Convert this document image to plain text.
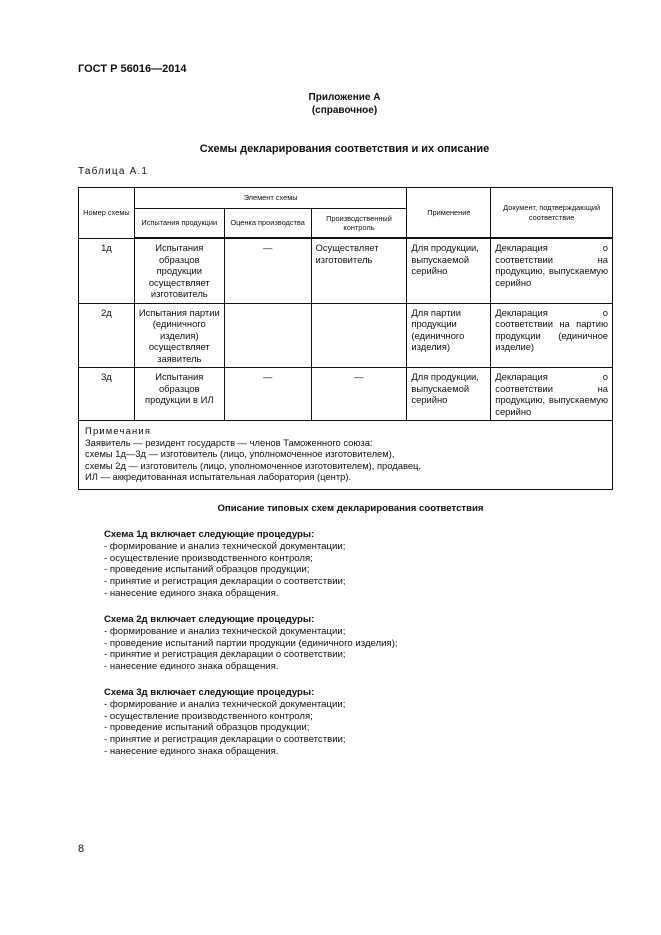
ГОСТ Р 56016—2014
Приложение А
(справочное)
Схемы декларирования соответствия и их описание
Таблица А.1
Номер схемы	Элемент схемы			Применение	Документ, подтверждающий соответствие
	Испытания продукции	Оценка производства	Производственный контроль		
1д	Испытания образцов продукции осуществляет изготовитель	—	Осуществляет изготовитель	Для продукции, выпускаемой серийно	Декларация о соответствии на продукцию, выпускаемую серийно
2д	Испытания партии (единичного изделия) осуществляет заявитель			Для партии продукции (единичного изделия)	Декларация о соответствии на партию продукции (единичное изделие)
3д	Испытания образцов продукции в ИЛ	—	—	Для продукции, выпускаемой серийно	Декларация о соответствии на продукцию, выпускаемую серийно

Примечания
Заявитель — резидент государств — членов Таможенного союза:
схемы 1д—3д — изготовитель (лицо, уполномоченное изготовителем),
схемы 2д — изготовитель (лицо, уполномоченное изготовителем), продавец,
ИЛ — аккредитованная испытательная лаборатория (центр).					
Описание типовых схем декларирования соответствия
Схема 1д включает следующие процедуры:
- формирование и анализ технической документации;
- осуществление производственного контроля;
- проведение испытаний образцов продукции;
- принятие и регистрация декларации о соответствии;
- нанесение единого знака обращения.
Схема 2д включает следующие процедуры:
- формирование и анализ технической документации;
- проведение испытаний партии продукции (единичного изделия);
- принятие и регистрация декларации о соответствии;
- нанесение единого знака обращения.
Схема 3д включает следующие процедуры:
- формирование и анализ технической документации;
- осуществление производственного контроля;
- проведение испытаний образцов продукции;
- принятие и регистрация декларации о соответствии;
- нанесение единого знака обращения.
8
